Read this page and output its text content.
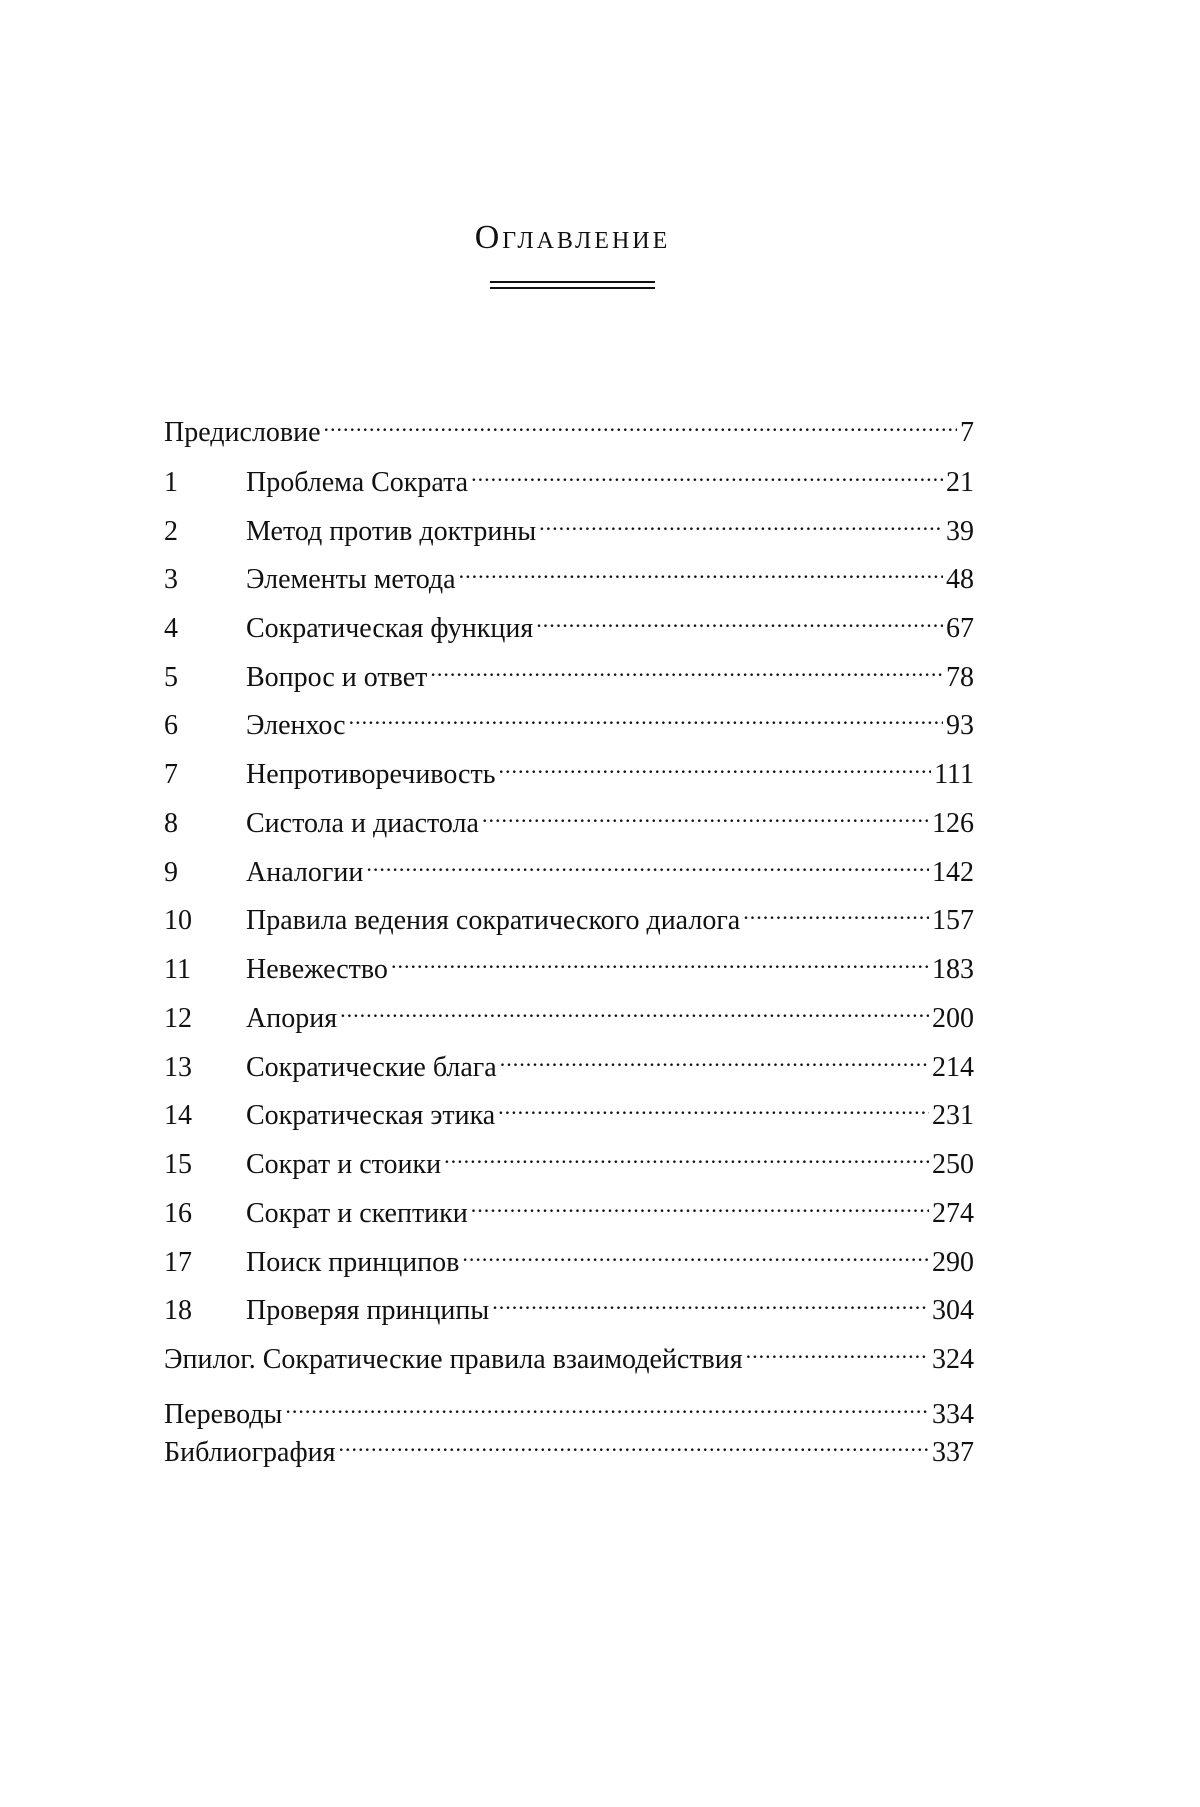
Оглавление
Предисловие .....	7
1	Проблема Сократа .....	21
2	Метод против доктрины .....	39
3	Элементы метода .....	48
4	Сократическая функция .....	67
5	Вопрос и ответ .....	78
6	Эленхос .....	93
7	Непротиворечивость .....	111
8	Систола и диастола .....	126
9	Аналогии .....	142
10	Правила ведения сократического диалога .....	157
11	Невежество .....	183
12	Апория .....	200
13	Сократические блага .....	214
14	Сократическая этика .....	231
15	Сократ и стоики .....	250
16	Сократ и скептики .....	274
17	Поиск принципов .....	290
18	Проверяя принципы .....	304
Эпилог. Сократические правила взаимодействия .....	324
Переводы .....	334
Библиография .....	337
